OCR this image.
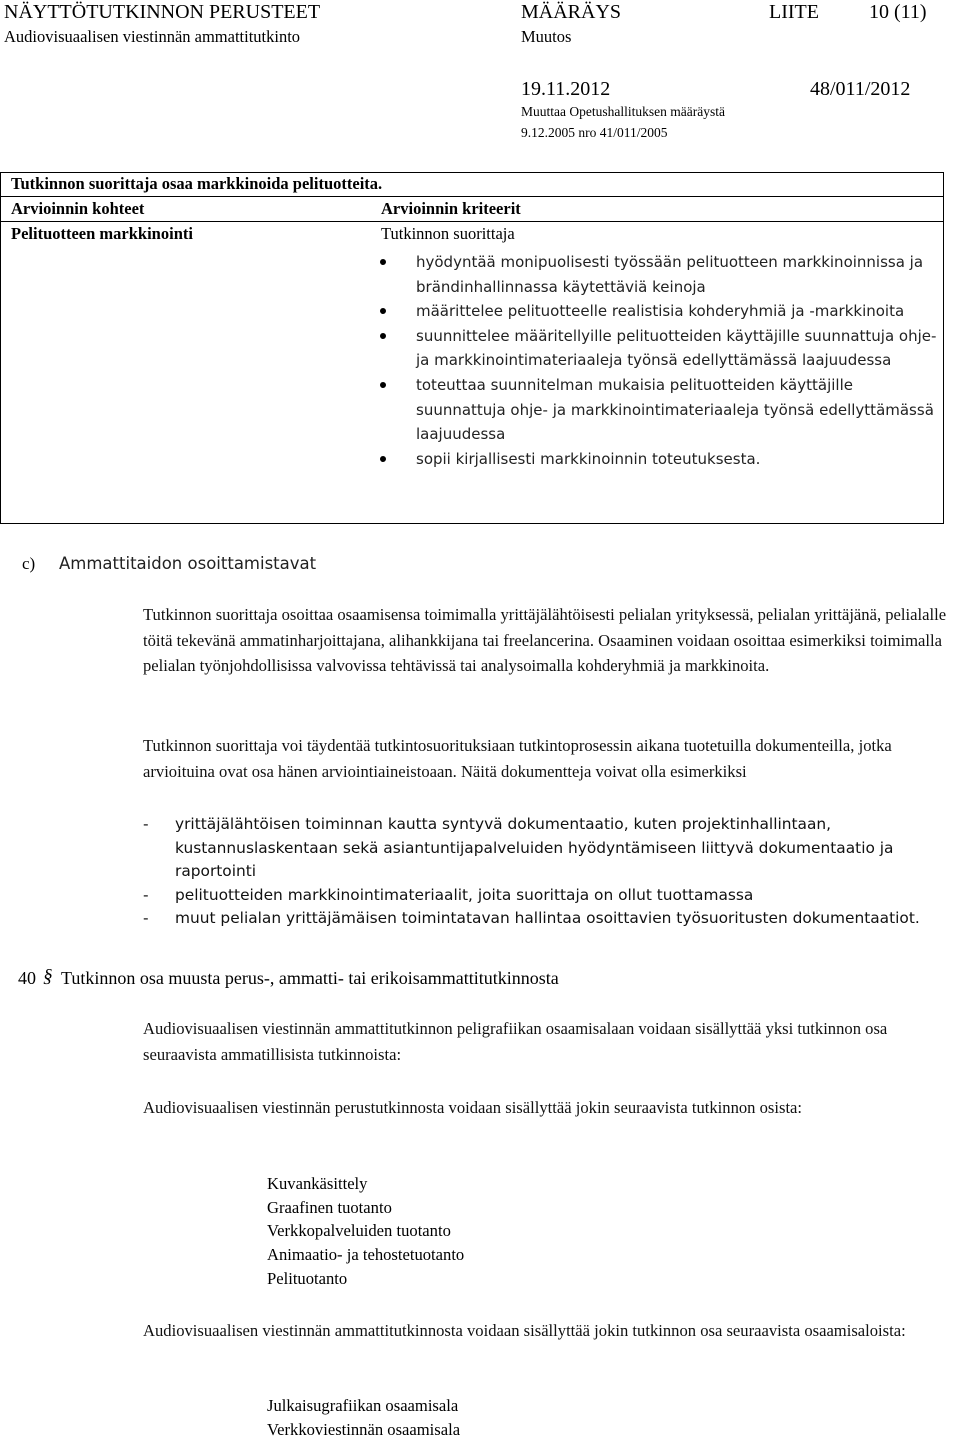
NÄYTTÖTUTKINNON PERUSTEET
Audiovisuaalisen viestinnän ammattitutkinto
MÄÄRÄYS
Muutos
LIITE	10 (11)
19.11.2012	48/011/2012
Muuttaa Opetushallituksen määräystä
9.12.2005 nro 41/011/2005
Tutkinnon suorittaja osaa markkinoida pelituotteita.
Arvioinnin kohteet	Arvioinnin kriteerit
Pelituotteen markkinointi	Tutkinnon suorittaja
hyödyntää monipuolisesti työssään pelituotteen markkinoinnissa ja brändinhallinnassa käytettäviä keinoja
määrittelee pelituotteelle realistisia kohderyhmiä ja -markkinoita
suunnittelee määritellyille pelituotteiden käyttäjille suunnattuja ohje- ja markkinointimateriaaleja työnsä edellyttämässä laajuudessa
toteuttaa suunnitelman mukaisia pelituotteiden käyttäjille suunnattuja ohje- ja markkinointimateriaaleja työnsä edellyttämässä laajuudessa
sopii kirjallisesti markkinoinnin toteutuksesta.
c) Ammattitaidon osoittamistavat

Tutkinnon suorittaja osoittaa osaamisensa toimimalla yrittäjälähtöisesti pelialan yrityksessä, pelialan yrittäjänä, pelialalle töitä tekevänä ammatinharjoittajana, alihankkijana tai freelancerina. Osaaminen voidaan osoittaa esimerkiksi toimimalla pelialan työnjohdollisissa valvovissa tehtävissä tai analysoimalla kohderyhmiä ja markkinoita.

Tutkinnon suorittaja voi täydentää tutkintosuorituksiaan tutkintoprosessin aikana tuotetuilla dokumenteilla, jotka arvioituina ovat osa hänen arviointiaineistoaan. Näitä dokumentteja voivat olla esimerkiksi

- yrittäjälähtöisen toiminnan kautta syntyvä dokumentaatio, kuten projektinhallintaan, kustannuslaskentaan sekä asiantuntijapalveluiden hyödyntämiseen liittyvä dokumentaatio ja raportointi
- pelituotteiden markkinointimateriaalit, joita suorittaja on ollut tuottamassa
- muut pelialan yrittäjämäisen toimintatavan hallintaa osoittavien työsuoritusten dokumentaatiot.
40 § Tutkinnon osa muusta perus-, ammatti- tai erikoisammattitutkinnosta

Audiovisuaalisen viestinnän ammattitutkinnon peligrafiikan osaamisalaan voidaan sisällyttää yksi tutkinnon osa seuraavista ammatillisista tutkinnoista:

Audiovisuaalisen viestinnän perustutkinnosta voidaan sisällyttää jokin seuraavista tutkinnon osista:

Kuvankäsittely
Graafinen tuotanto
Verkkopalveluiden tuotanto
Animaatio- ja tehostetuotanto
Pelituotanto

Audiovisuaalisen viestinnän ammattitutkinnosta voidaan sisällyttää jokin tutkinnon osa seuraavista osaamisaloista:

Julkaisugrafiikan osaamisala
Verkkoviestinnän osaamisala
